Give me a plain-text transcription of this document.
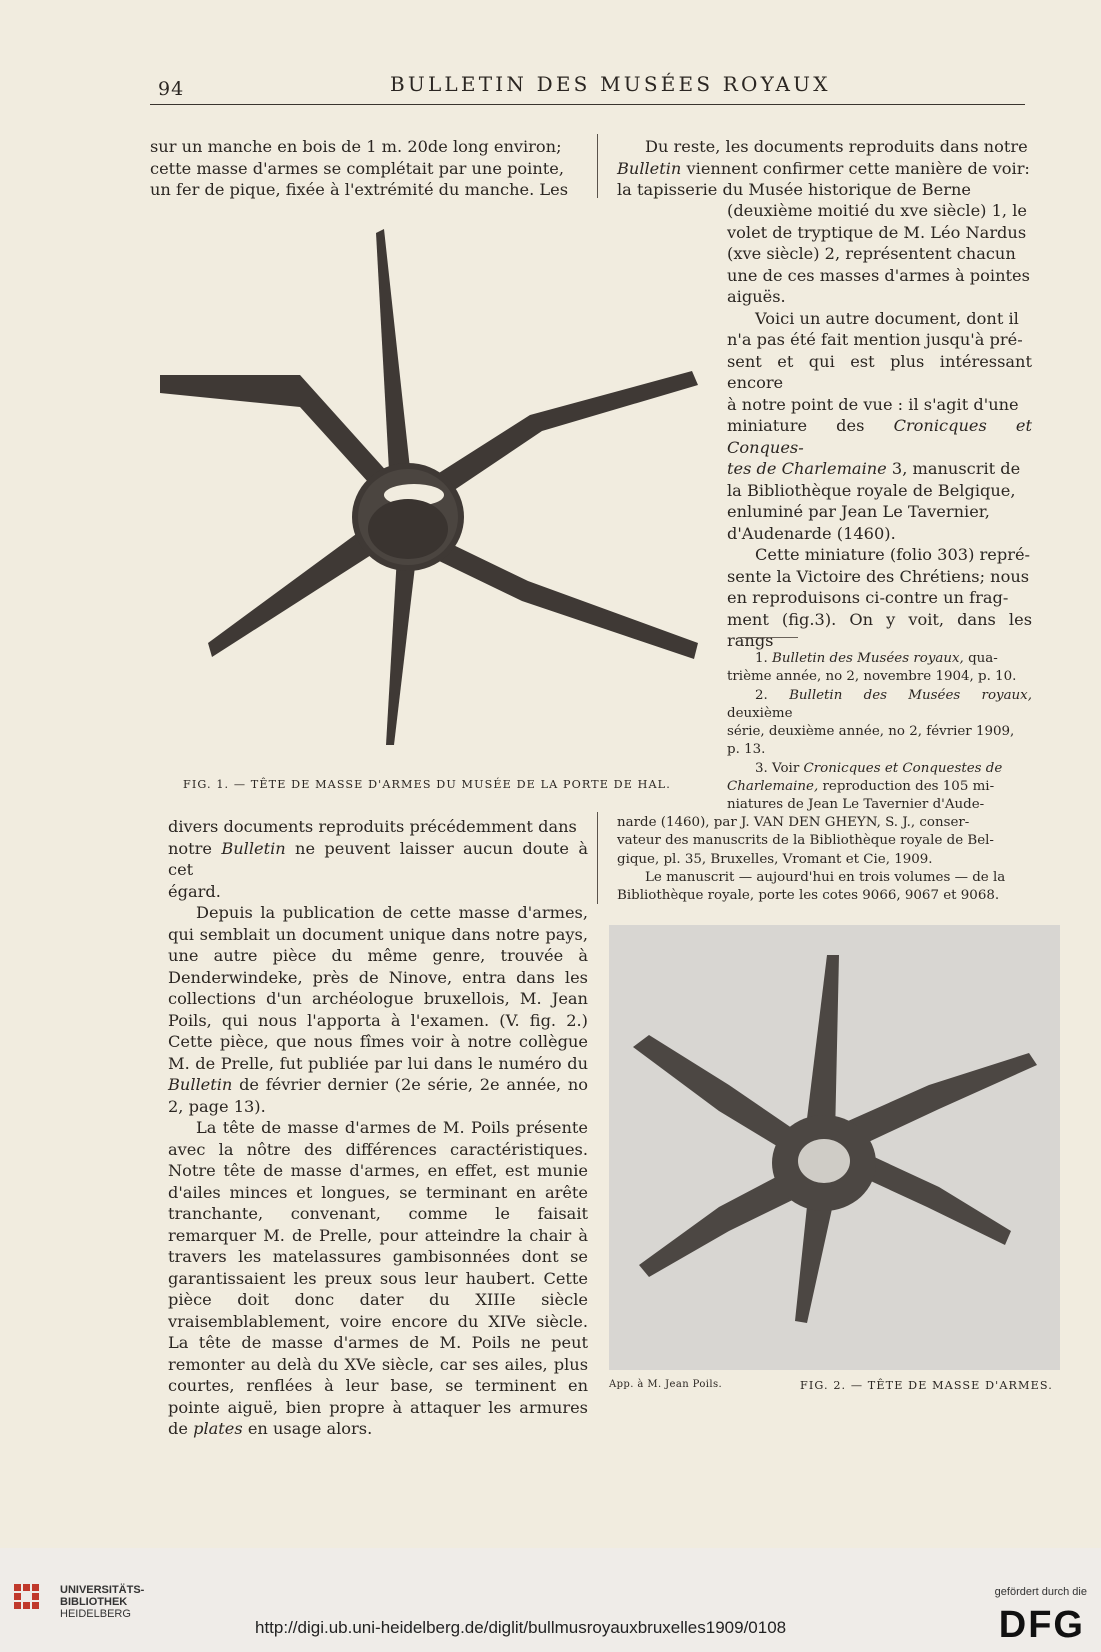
94	BULLETIN DES MUSÉES ROYAUX

sur un manche en bois de 1 m. 20de long environ;

cette masse d'armes se complétait par une pointe,

un fer de pique, fixée à l'extrémité du manche. Les

Du reste, les documents reproduits dans notre

Bulletin viennent confirmer cette manière de voir:

la tapisserie du Musée historique de Berne

(deuxième moitié du xve siècle) 1, le

volet de tryptique de M. Léo Nardus

(xve siècle) 2, représentent chacun

une de ces masses d'armes à pointes

aiguës.

Voici un autre document, dont il

n'a pas été fait mention jusqu'à pré-

sent et qui est plus intéressant encore

à notre point de vue : il s'agit d'une

miniature des Cronicques et Conques-

tes de Charlemaine 3, manuscrit de

la Bibliothèque royale de Belgique,

enluminé par Jean Le Tavernier,

d'Audenarde (1460).

Cette miniature (folio 303) repré-

sente la Victoire des Chrétiens; nous

en reproduisons ci-contre un frag-

ment (fig.3). On y voit, dans les rangs

1. Bulletin des Musées royaux, qua-

trième année, no 2, novembre 1904, p. 10.

2. Bulletin des Musées royaux, deuxième

série, deuxième année, no 2, février 1909,

p. 13.

3. Voir Cronicques et Conquestes de

Charlemaine, reproduction des 105 mi-

niatures de Jean Le Tavernier d'Aude-

FIG. 1. — TÊTE DE MASSE D'ARMES DU MUSÉE DE LA PORTE DE HAL.

narde (1460), par J. VAN DEN GHEYN, S. J., conser-

vateur des manuscrits de la Bibliothèque royale de Bel-

gique, pl. 35, Bruxelles, Vromant et Cie, 1909.

Le manuscrit — aujourd'hui en trois volumes — de la

Bibliothèque royale, porte les cotes 9066, 9067 et 9068.

divers documents reproduits précédemment dans

notre Bulletin ne peuvent laisser aucun doute à cet

égard.

Depuis la publication de cette masse d'armes, qui semblait un document unique dans notre pays, une autre pièce du même genre, trouvée à Denderwindeke, près de Ninove, entra dans les collections d'un archéologue bruxellois, M. Jean Poils, qui nous l'apporta à l'examen. (V. fig. 2.) Cette pièce, que nous fîmes voir à notre collègue M. de Prelle, fut publiée par lui dans le numéro du Bulletin de février dernier (2e série, 2e année, no 2, page 13).

La tête de masse d'armes de M. Poils présente avec la nôtre des différences caractéristiques. Notre tête de masse d'armes, en effet, est munie d'ailes minces et longues, se terminant en arête tranchante, convenant, comme le faisait remarquer M. de Prelle, pour atteindre la chair à travers les matelassures gambisonnées dont se garantissaient les preux sous leur haubert. Cette pièce doit donc dater du XIIIe siècle vraisemblablement, voire encore du XIVe siècle. La tête de masse d'armes de M. Poils ne peut remonter au delà du XVe siècle, car ses ailes, plus courtes, renflées à leur base, se terminent en pointe aiguë, bien propre à attaquer les armures de plates en usage alors.

App. à M. Jean Poils.	FIG. 2. — TÊTE DE MASSE D'ARMES.
UNIVERSITÄTS-
BIBLIOTHEK
HEIDELBERG
http://digi.ub.uni-heidelberg.de/diglit/bullmusroyauxbruxelles1909/0108
gefördert durch die
DFG
